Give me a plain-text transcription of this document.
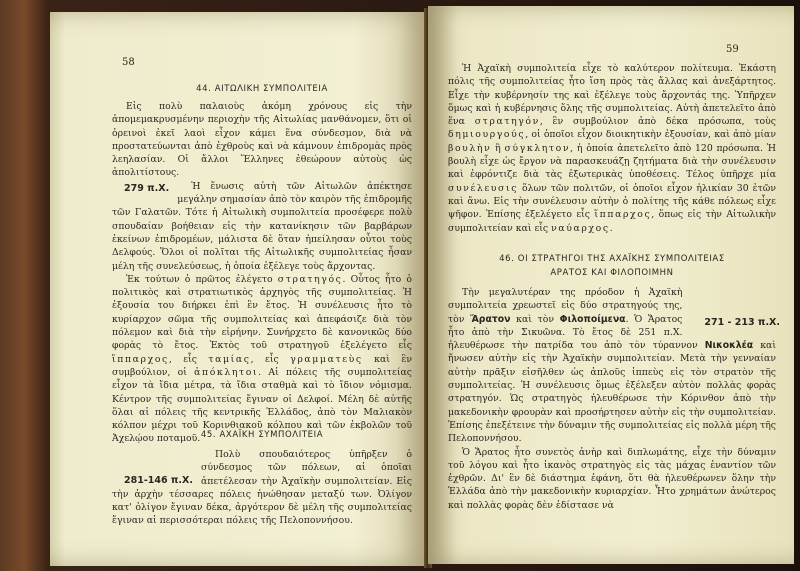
58
44. ΑΙΤΩΛΙΚΗ ΣΥΜΠΟΛΙΤΕΙΑ

Εἰς πολὺ παλαιοὺς ἀκόμη χρόνους εἰς τὴν ἀπομεμακρυσμένην περιοχὴν τῆς Αἰτωλίας μανθάνομεν, ὅτι οἱ ὀρεινοὶ ἐκεῖ λαοὶ εἶχον κάμει ἕνα σύνδεσμον, διὰ νὰ προστατεύωνται ἀπὸ ἐχθροὺς καὶ νὰ κάμνουν ἐπιδρομὰς πρὸς λεηλασίαν. Οἱ ἄλλοι Ἕλληνες ἐθεώρουν αὐτοὺς ὡς ἀπολιτίστους.

279 π.Χ. Ἡ ἕνωσις αὐτὴ τῶν Αἰτωλῶν ἀπέκτησε μεγάλην σημασίαν ἀπὸ τὸν καιρὸν τῆς ἐπιδρομῆς τῶν Γαλατῶν. Τότε ἡ Αἰτωλικὴ συμπολιτεία προσέφερε πολὺ σπουδαίαν βοήθειαν εἰς τὴν κατανίκησιν τῶν βαρβάρων ἐκείνων ἐπιδρομέων, μάλιστα δὲ ὅταν ἠπείλησαν οὗτοι τοὺς Δελφούς. Ὅλοι οἱ πολῖται τῆς Αἰτωλικῆς συμπολιτείας ἦσαν μέλη τῆς συνελεύσεως, ἡ ὁποία ἐξέλεγε τοὺς ἄρχοντας.

Ἐκ τούτων ὁ πρῶτος ἐλέγετο στρατηγός. Οὗτος ἦτο ὁ πολιτικὸς καὶ στρατιωτικὸς ἀρχηγὸς τῆς συμπολιτείας. Ἡ ἐξουσία του διήρκει ἐπὶ ἓν ἔτος. Ἡ συνέλευσις ἦτο τὸ κυρίαρχον σῶμα τῆς συμπολιτείας καὶ ἀπεφάσιζε διὰ τὸν πόλεμον καὶ διὰ τὴν εἰρήνην. Συνήρχετο δὲ κανονικῶς δύο φορὰς τὸ ἔτος. Ἐκτὸς τοῦ στρατηγοῦ ἐξελέγετο εἷς ἵππαρχος, εἷς ταμίας, εἷς γραμματεὺς καὶ ἓν συμβούλιον, οἱ ἀπόκλητοι. Αἱ πόλεις τῆς συμπολιτείας εἶχον τὰ ἴδια μέτρα, τὰ ἴδια σταθμὰ καὶ τὸ ἴδιον νόμισμα. Κέντρον τῆς συμπολιτείας ἔγιναν οἱ Δελφοί. Μέλη δὲ αὐτῆς ὅλαι αἱ πόλεις τῆς κεντρικῆς Ἑλλάδος, ἀπὸ τὸν Μαλιακὸν κόλπον μέχρι τοῦ Κορινθιακοῦ κόλπου καὶ τῶν ἐκβολῶν τοῦ Ἀχελῴου ποταμοῦ. 45. ΑΧΑΪΚΗ ΣΥΜΠΟΛΙΤΕΙΑ

281-146 π.Χ.
Πολὺ σπουδαιότερος ὑπῆρξεν ὁ σύνδεσμος τῶν πόλεων, αἱ ὁποῖαι ἀπετέλεσαν τὴν Ἀχαϊκὴν συμπολιτείαν. Εἰς τὴν ἀρχὴν τέσσαρες πόλεις ἡνώθησαν μεταξύ των. Ὀλίγον κατ' ὀλίγον ἔγιναν δέκα, ἀργότερον δὲ μέλη τῆς συμπολιτείας ἔγιναν αἱ περισσότεραι πόλεις τῆς Πελοποννήσου.

59

Ἡ Ἀχαϊκὴ συμπολιτεία εἶχε τὸ καλύτερον πολίτευμα. Ἑκάστη πόλις τῆς συμπολιτείας ἦτο ἴση πρὸς τὰς ἄλλας καὶ ἀνεξάρτητος. Εἶχε τὴν κυβέρνησίν της καὶ ἐξέλεγε τοὺς ἄρχοντάς της. Ὑπῆρχεν ὅμως καὶ ἡ κυβέρνησις ὅλης τῆς συμπολιτείας. Αὐτὴ ἀπετελεῖτο ἀπὸ ἕνα στρατηγόν, ἓν συμβούλιον ἀπὸ δέκα πρόσωπα, τοὺς δημιουργούς, οἱ ὁποῖοι εἶχον διοικητικὴν ἐξουσίαν, καὶ ἀπὸ μίαν βουλὴν ἢ σύγκλητον, ἡ ὁποία ἀπετελεῖτο ἀπὸ 120 πρόσωπα. Ἡ βουλὴ εἶχε ὡς ἔργον νὰ παρασκευάζῃ ζητήματα διὰ τὴν συνέλευσιν καὶ ἐφρόντιζε διὰ τὰς ἐξωτερικὰς ὑποθέσεις. Τέλος ὑπῆρχε μία συνέλευσις ὅλων τῶν πολιτῶν, οἱ ὁποῖοι εἶχον ἡλικίαν 30 ἐτῶν καὶ ἄνω. Εἰς τὴν συνέλευσιν αὐτὴν ὁ πολίτης τῆς κάθε πόλεως εἶχε ψῆφον. Ἐπίσης ἐξελέγετο εἷς ἵππαρχος, ὅπως εἰς τὴν Αἰτωλικὴν συμπολιτείαν καὶ εἷς ναύαρχος.

46. ΟΙ ΣΤΡΑΤΗΓΟΙ ΤΗΣ ΑΧΑΪΚΗΣ ΣΥΜΠΟΛΙΤΕΙΑΣ
ΑΡΑΤΟΣ ΚΑΙ ΦΙΛΟΠΟΙΜΗΝ

271 - 213 π.Χ.
Τὴν μεγαλυτέραν της πρόοδον ἡ Ἀχαϊκὴ συμπολιτεία χρεωστεῖ εἰς δύο στρατηγούς της, τὸν Ἄρατον καὶ τὸν Φιλοποίμενα. Ὁ Ἄρατος ἦτο ἀπὸ τὴν Σικυῶνα. Τὸ ἔτος δὲ 251 π.Χ. ἠλευθέρωσε τὴν πατρίδα του ἀπὸ τὸν τύραννον Νικοκλέα καὶ ἤνωσεν αὐτὴν εἰς τὴν Ἀχαϊκὴν συμπολιτείαν. Μετὰ τὴν γενναίαν αὐτὴν πρᾶξιν εἰσῆλθεν ὡς ἁπλοῦς ἱππεὺς εἰς τὸν στρατὸν τῆς συμπολιτείας. Ἡ συνέλευσις ὅμως ἐξέλεξεν αὐτὸν πολλὰς φορὰς στρατηγόν. Ὡς στρατηγὸς ἠλευθέρωσε τὴν Κόρινθον ἀπὸ τὴν μακεδονικὴν φρουρὰν καὶ προσήρτησεν αὐτὴν εἰς τὴν συμπολιτείαν. Ἐπίσης ἐπεξέτεινε τὴν δύναμιν τῆς συμπολιτείας εἰς πολλὰ μέρη τῆς Πελοποννήσου.

Ὁ Ἄρατος ἦτο συνετὸς ἀνὴρ καὶ διπλωμάτης, εἶχε τὴν δύναμιν τοῦ λόγου καὶ ἦτο ἱκανὸς στρατηγὸς εἰς τὰς μάχας ἐναντίον τῶν ἐχθρῶν. Δι' ἓν δὲ διάστημα ἐφάνη, ὅτι θὰ ἠλευθέρωνεν ὅλην τὴν Ἑλλάδα ἀπὸ τὴν μακεδονικὴν κυριαρχίαν. Ἦτο χρημάτων ἀνώτερος καὶ πολλὰς φορὰς δὲν ἐδίστασε νὰ
